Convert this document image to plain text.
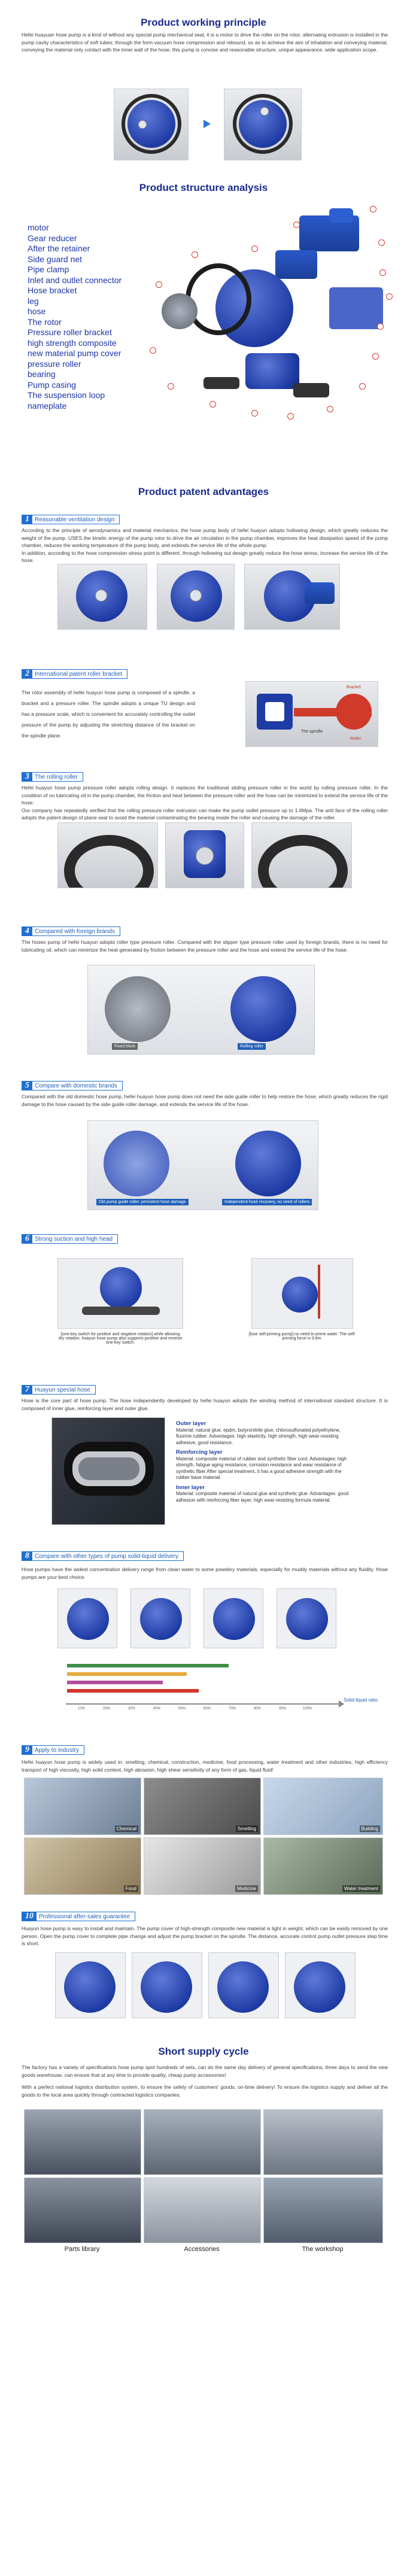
Product working principle
Hefei huayuan hose pump is a kind of without any special pump mechanical seal, it is a motor to drive the roller on the rotor, alternating extrusion is installed in the pump cavity characteristics of soft tubes; through the form vacuum hose compression and rebound, so as to achieve the aim of inhalation and conveying material, conveying the material only contact with the inner wall of the hose, this pump is concise and reasonable structure, unique appearance, wide application scope.
Product structure analysis
motor
Gear reducer
After the retainer
Side guard net
Pipe clamp
Inlet and outlet connector
Hose bracket
leg
hose
The rotor
Pressure roller bracket
high strength composite
new material pump cover
pressure roller
bearing
Pump casing
The suspension loop
nameplate
Product patent advantages
1 Reasonable ventilation design
According to the principle of aerodynamics and material mechanics, the hose pump body of hefei huayun adopts hollowing design, which greatly reduces the weight of the pump. USES the kinetic energy of the pump rotor to drive the air circulation in the pump chamber, improves the heat dissipation speed of the pump chamber, reduces the working temperature of the pump body, and extends the service life of the whole pump.
In addition, according to the hose compression stress point is different, through hollowing out design greatly reduce the hose stress, increase the service life of the hose.
2 International patent roller bracket
The rotor assembly of hefei huayun hose pump is composed of a spindle, a bracket and a pressure roller. The spindle adopts a unique TU design and has a pressure scale, which is convenient for accurately controlling the outlet pressure of the pump by adjusting the stretching distance of the bracket on the spindle plane.
The spindle
Bracket
Roller
3 The rolling roller
Hefei huayun hose pump pressure roller adopts rolling design. It replaces the traditional sliding pressure roller in the world by rolling pressure roller. In the condition of no lubricating oil in the pump chamber, the friction and heat between the pressure roller and the hose can be minimized to extend the service life of the hose.
Our company has repeatedly verified that the rolling pressure roller extrusion can make the pump outlet pressure up to 1.6Mpa. The anti face of the rolling roller adopts the patent design of plane seal to avoid the material contaminating the bearing inside the roller and causing the damage of the roller.
4 Compared with foreign brands
The hoses pump of hefei huayun adopts roller type pressure roller. Compared with the slipper type pressure roller used by foreign brands, there is no need for lubricating oil, which can minimize the heat generated by friction between the pressure roller and the hose and extend the service life of the hose.
Fixed block	Rolling roller
5 Compare with domestic brands
Compared with the old domestic hose pump, hefei huayun hose pump does not need the side guide roller to help restore the hose, which greatly reduces the rigid damage to the hose caused by the side guide roller damage, and extends the service life of the hose.
Old pump guide roller: persistent hose damage	Independent hose recovery, no need of rollers
6 Strong suction and high head
[one-key switch for positive and negative rotation] while allowing dry rotation, huayun hose pump also supports positive and reverse one-key switch.
[lose self-priming pump] no need to prime water. The self-priming force is 9.8m.
7 Huayun special hose
Hose is the core part of hose pump. The hose independently developed by hefei huayun adopts the winding method of international standard structure. It is composed of inner glue, reinforcing layer and outer glue.
Outer layer
Material: natural glue, epdm, butyronitrile glue, chlorosulfonated polyethylene, fluorine rubber. Advantages: high elasticity, high strength, high wear-resisting adhesive, good resistance.
Reinforcing layer
Material: composite material of rubber and synthetic fiber cord. Advantages: high strength, fatigue aging resistance, corrosion resistance and wear resistance of synthetic fiber After special treatment, it has a good adhesive strength with the rubber base material.
Inner layer
Material: composite material of natural glue and synthetic glue. Advantages: good adhesion with reinforcing fiber layer, high wear-resisting formula material.
8 Compare with other types of pump solid-liquid delivery
Hose pumps have the widest concentration delivery range from clean water to some powdery materials, especially for muddy materials without any fluidity. Hose pumps are your best choice.
Solid-liquid ratio
10%	20%	30%	40%	50%	60%	70%	80%	90%	100%
9 Apply to industry
Hefei huayun hose pump is widely used in: smelting, chemical, construction, medicine, food processing, water treatment and other industries, high efficiency transport of high viscosity, high solid content, high abrasion, high shear sensitivity of any form of gas, liquid fluid!
Chemical	Smelting	Building
Food	Medicine	Water treatment
10 Professional after-sales guarantee
Huayun hose pump is easy to install and maintain. The pump cover of high-strength composite new material is light in weight, which can be easily removed by one person. Open the pump cover to complete pipe change and adjust the pump bracket on the spindle. The distance, accurate control pump outlet pressure step time is short.
Short supply cycle
The factory has a variety of specifications hose pump spot hundreds of sets, can do the same day delivery of general specifications, three days to send the new goods warehouse, can ensure that at any time to provide quality, cheap pump accessories!
With a perfect national logistics distribution system, to ensure the safety of customers' goods, on-time delivery! To ensure the logistics supply and deliver all the goods to the local area quickly through contracted logistics companies.
Parts library	Accessories	The workshop
